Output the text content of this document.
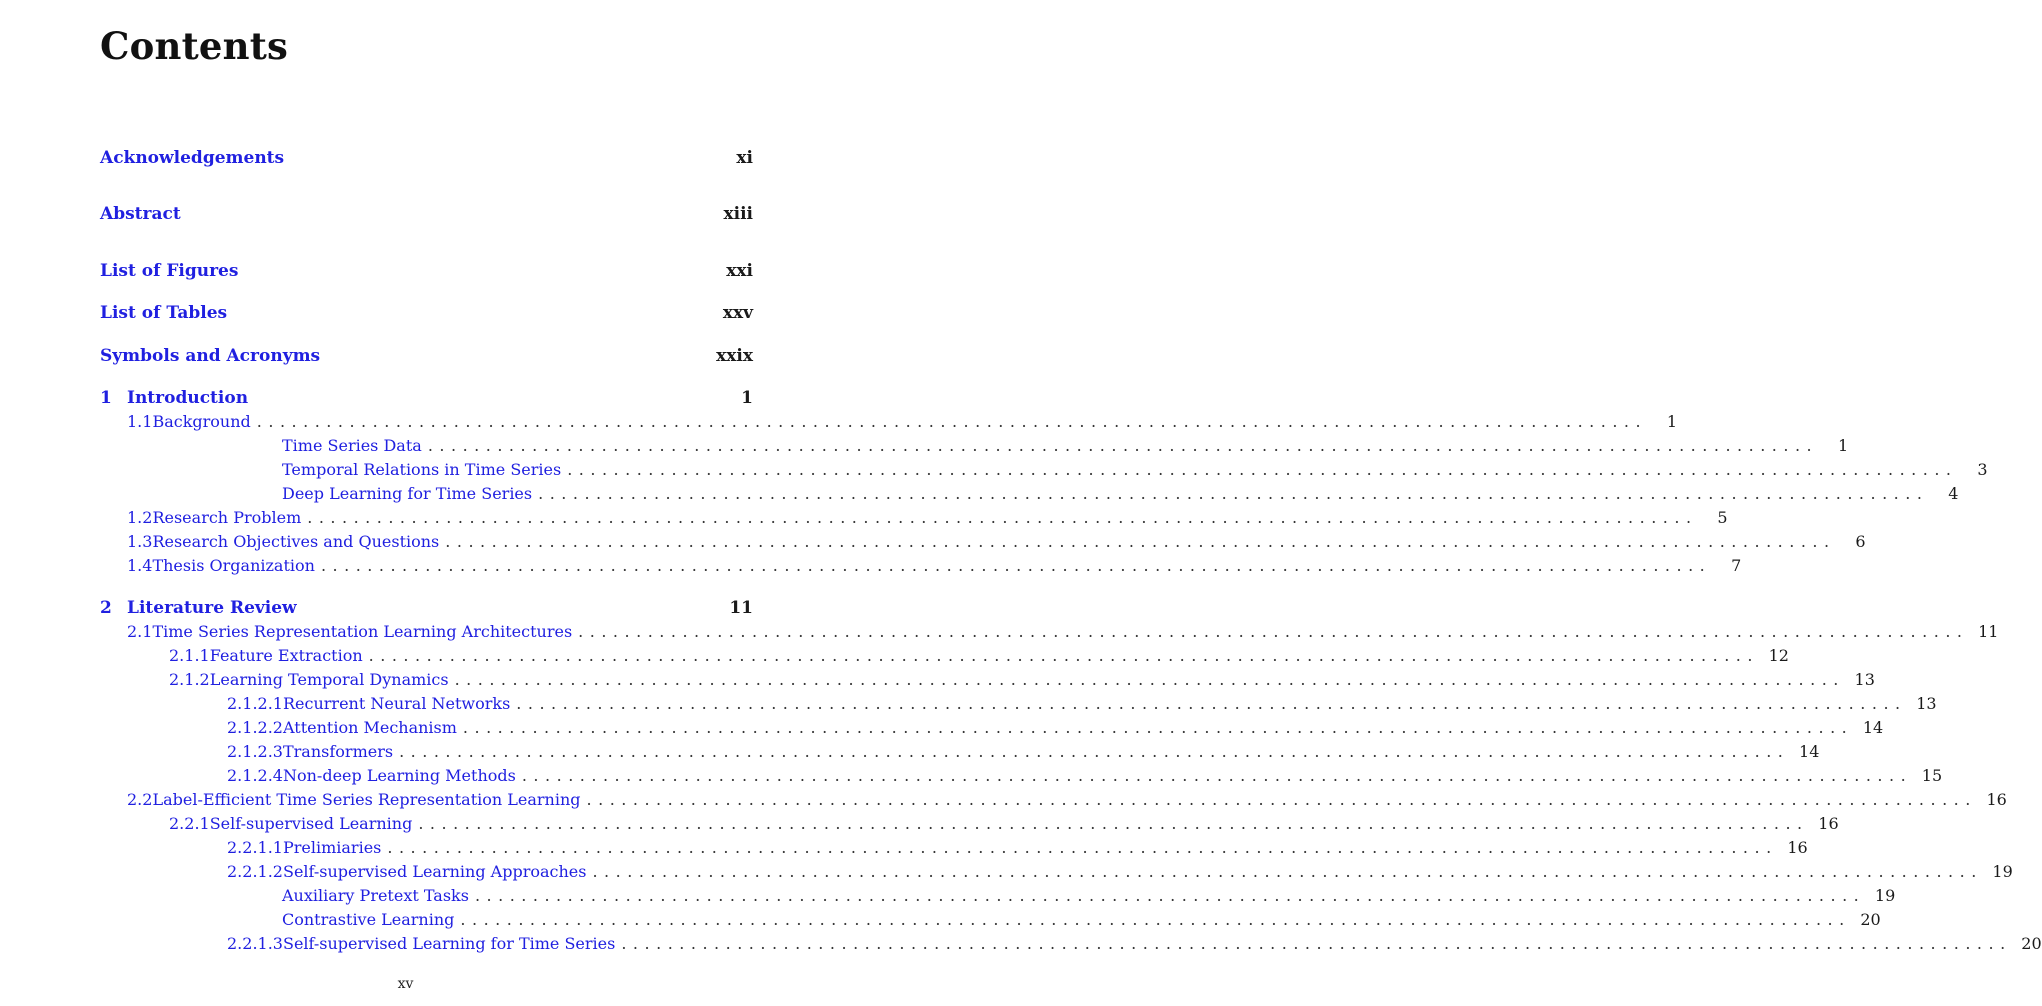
Contents
Acknowledgements	xi
Abstract	xiii
List of Figures	xxi
List of Tables	xxv
Symbols and Acronyms	xxix
1 Introduction	1
1.1 Background ........................................................................................................................	1
Time Series Data ........................................................................................................................	1
Temporal Relations in Time Series ........................................................................................................................	3
Deep Learning for Time Series ........................................................................................................................	4
1.2 Research Problem ........................................................................................................................	5
1.3 Research Objectives and Questions ........................................................................................................................	6
1.4 Thesis Organization ........................................................................................................................	7
2 Literature Review	11
2.1 Time Series Representation Learning Architectures ........................................................................................................................ 11
2.1.1 Feature Extraction ........................................................................................................................ 12
2.1.2 Learning Temporal Dynamics ........................................................................................................................ 13
2.1.2.1 Recurrent Neural Networks ........................................................................................................................ 13
2.1.2.2 Attention Mechanism ........................................................................................................................ 14
2.1.2.3 Transformers ........................................................................................................................ 14
2.1.2.4 Non-deep Learning Methods ........................................................................................................................ 15
2.2 Label-Efficient Time Series Representation Learning ........................................................................................................................ 16
2.2.1 Self-supervised Learning ........................................................................................................................ 16
2.2.1.1 Prelimiaries ........................................................................................................................ 16
2.2.1.2 Self-supervised Learning Approaches ........................................................................................................................ 19
Auxiliary Pretext Tasks ........................................................................................................................ 19
Contrastive Learning ........................................................................................................................ 20
2.2.1.3 Self-supervised Learning for Time Series ........................................................................................................................ 20
xv
